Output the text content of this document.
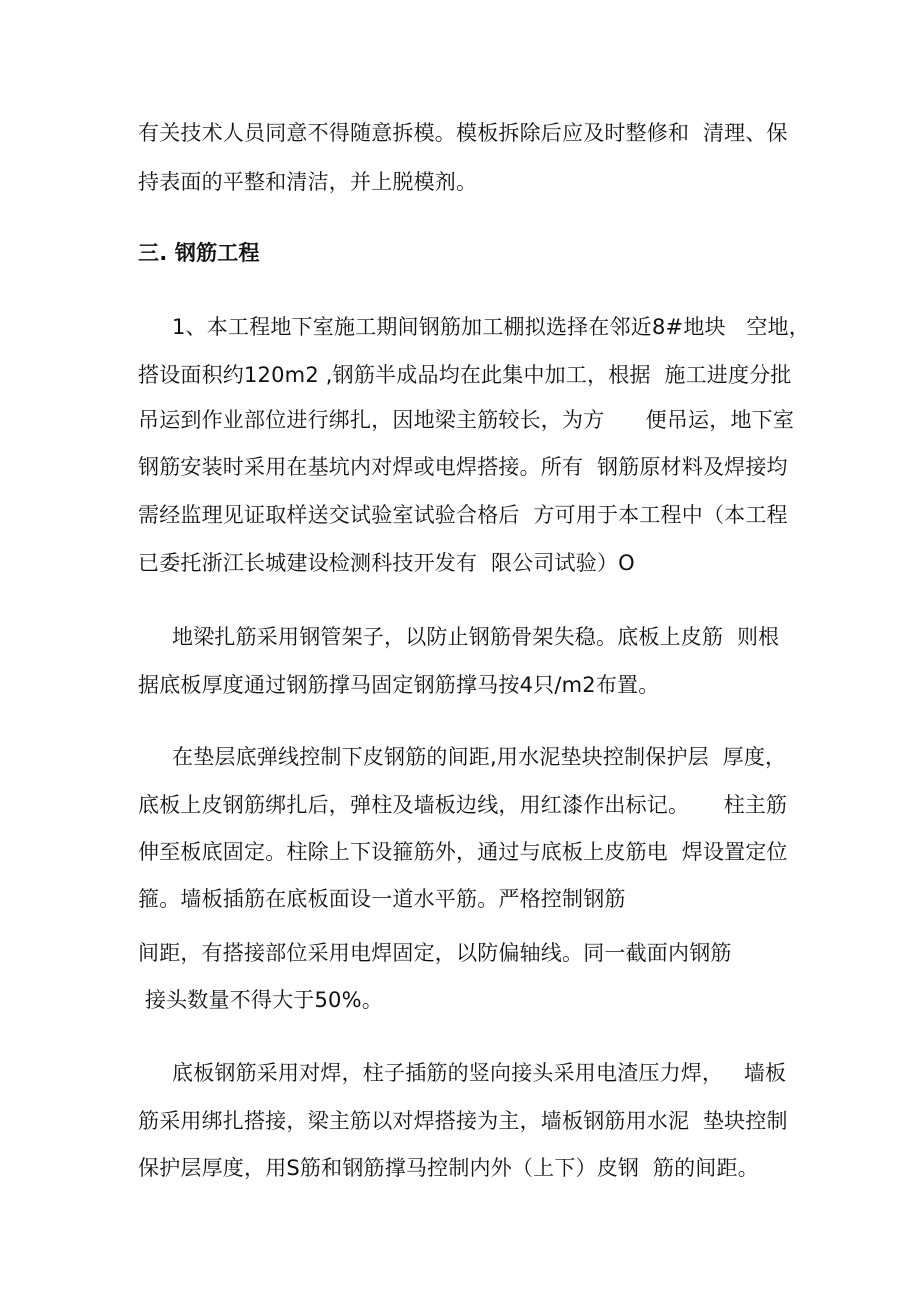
有关技术人员同意不得随意拆模。模板拆除后应及时整修和  清理、保
持表面的平整和清洁，并上脱模剂。
三. 钢筋工程
1、本工程地下室施工期间钢筋加工棚拟选择在邻近8#地块   空地，
搭设面积约120m2 ,钢筋半成品均在此集中加工，根据  施工进度分批
吊运到作业部位进行绑扎，因地梁主筋较长，为方      便吊运，地下室
钢筋安装时采用在基坑内对焊或电焊搭接。所有  钢筋原材料及焊接均
需经监理见证取样送交试验室试验合格后  方可用于本工程中（本工程
已委托浙江长城建设检测科技开发有  限公司试验）O
地梁扎筋采用钢管架子，以防止钢筋骨架失稳。底板上皮筋  则根
据底板厚度通过钢筋撑马固定钢筋撑马按4只/m2布置。
在垫层底弹线控制下皮钢筋的间距,用水泥垫块控制保护层  厚度，
底板上皮钢筋绑扎后，弹柱及墙板边线，用红漆作出标记。     柱主筋
伸至板底固定。柱除上下设箍筋外，通过与底板上皮筋电  焊设置定位
箍。墙板插筋在底板面设一道水平筋。严格控制钢筋
间距，有搭接部位采用电焊固定，以防偏轴线。同一截面内钢筋
接头数量不得大于50%。
底板钢筋采用对焊，柱子插筋的竖向接头采用电渣压力焊，   墙板
筋采用绑扎搭接，梁主筋以对焊搭接为主，墙板钢筋用水泥  垫块控制
保护层厚度，用S筋和钢筋撑马控制内外（上下）皮钢  筋的间距。
